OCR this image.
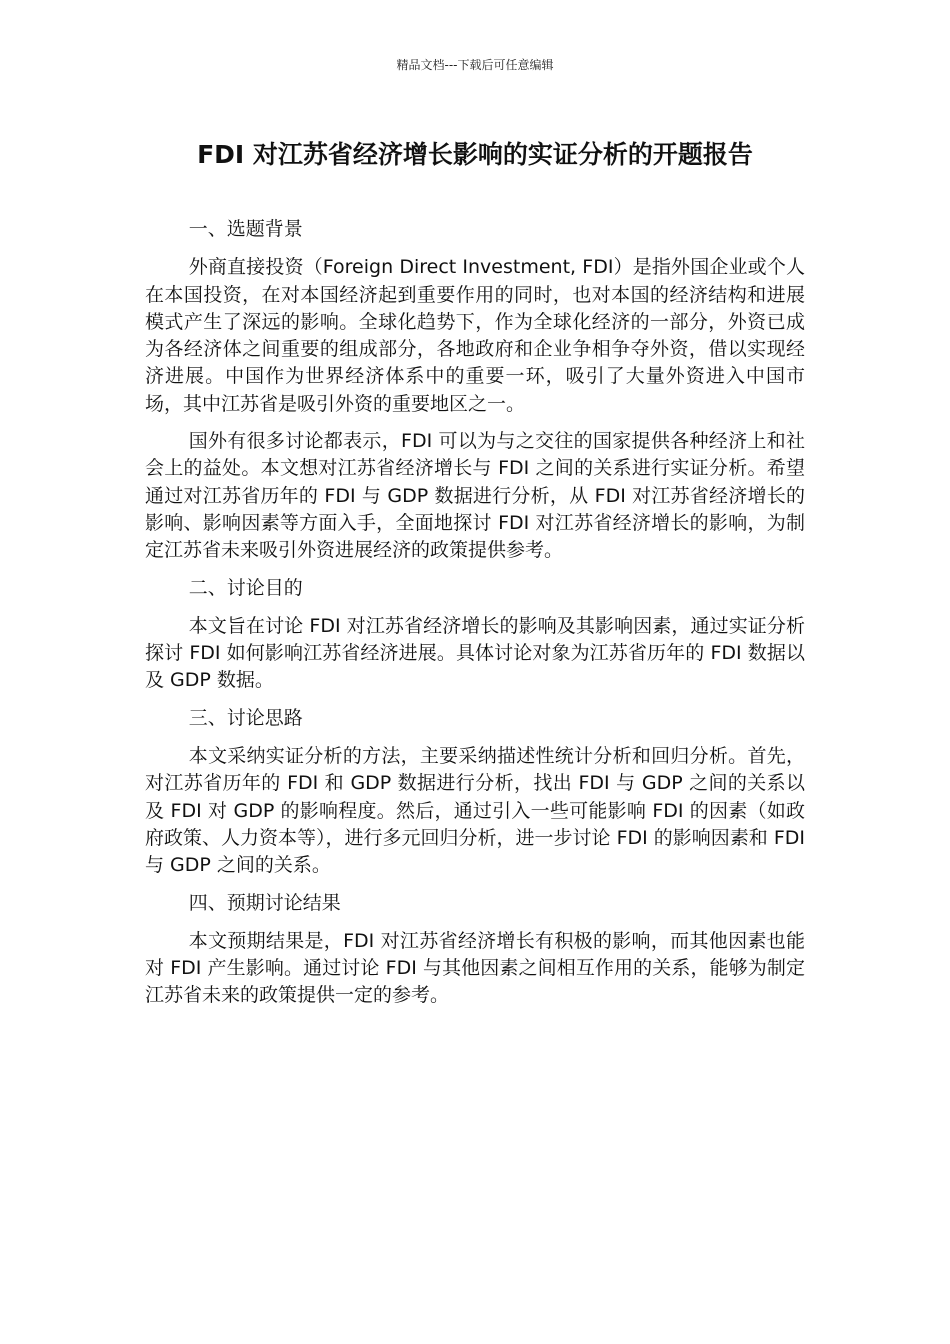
精品文档---下载后可任意编辑
FDI 对江苏省经济增长影响的实证分析的开题报告

一、选题背景

外商直接投资（Foreign Direct Investment, FDI）是指外国企业或个人在本国投资，在对本国经济起到重要作用的同时，也对本国的经济结构和进展模式产生了深远的影响。全球化趋势下，作为全球化经济的一部分，外资已成为各经济体之间重要的组成部分，各地政府和企业争相争夺外资，借以实现经济进展。中国作为世界经济体系中的重要一环，吸引了大量外资进入中国市场，其中江苏省是吸引外资的重要地区之一。

国外有很多讨论都表示，FDI 可以为与之交往的国家提供各种经济上和社会上的益处。本文想对江苏省经济增长与 FDI 之间的关系进行实证分析。希望通过对江苏省历年的 FDI 与 GDP 数据进行分析，从 FDI 对江苏省经济增长的影响、影响因素等方面入手，全面地探讨 FDI 对江苏省经济增长的影响，为制定江苏省未来吸引外资进展经济的政策提供参考。

二、讨论目的

本文旨在讨论 FDI 对江苏省经济增长的影响及其影响因素，通过实证分析探讨 FDI 如何影响江苏省经济进展。具体讨论对象为江苏省历年的 FDI 数据以及 GDP 数据。

三、讨论思路

本文采纳实证分析的方法，主要采纳描述性统计分析和回归分析。首先，对江苏省历年的 FDI 和 GDP 数据进行分析，找出 FDI 与 GDP 之间的关系以及 FDI 对 GDP 的影响程度。然后，通过引入一些可能影响 FDI 的因素（如政府政策、人力资本等），进行多元回归分析，进一步讨论 FDI 的影响因素和 FDI 与 GDP 之间的关系。

四、预期讨论结果

本文预期结果是，FDI 对江苏省经济增长有积极的影响，而其他因素也能对 FDI 产生影响。通过讨论 FDI 与其他因素之间相互作用的关系，能够为制定江苏省未来的政策提供一定的参考。
